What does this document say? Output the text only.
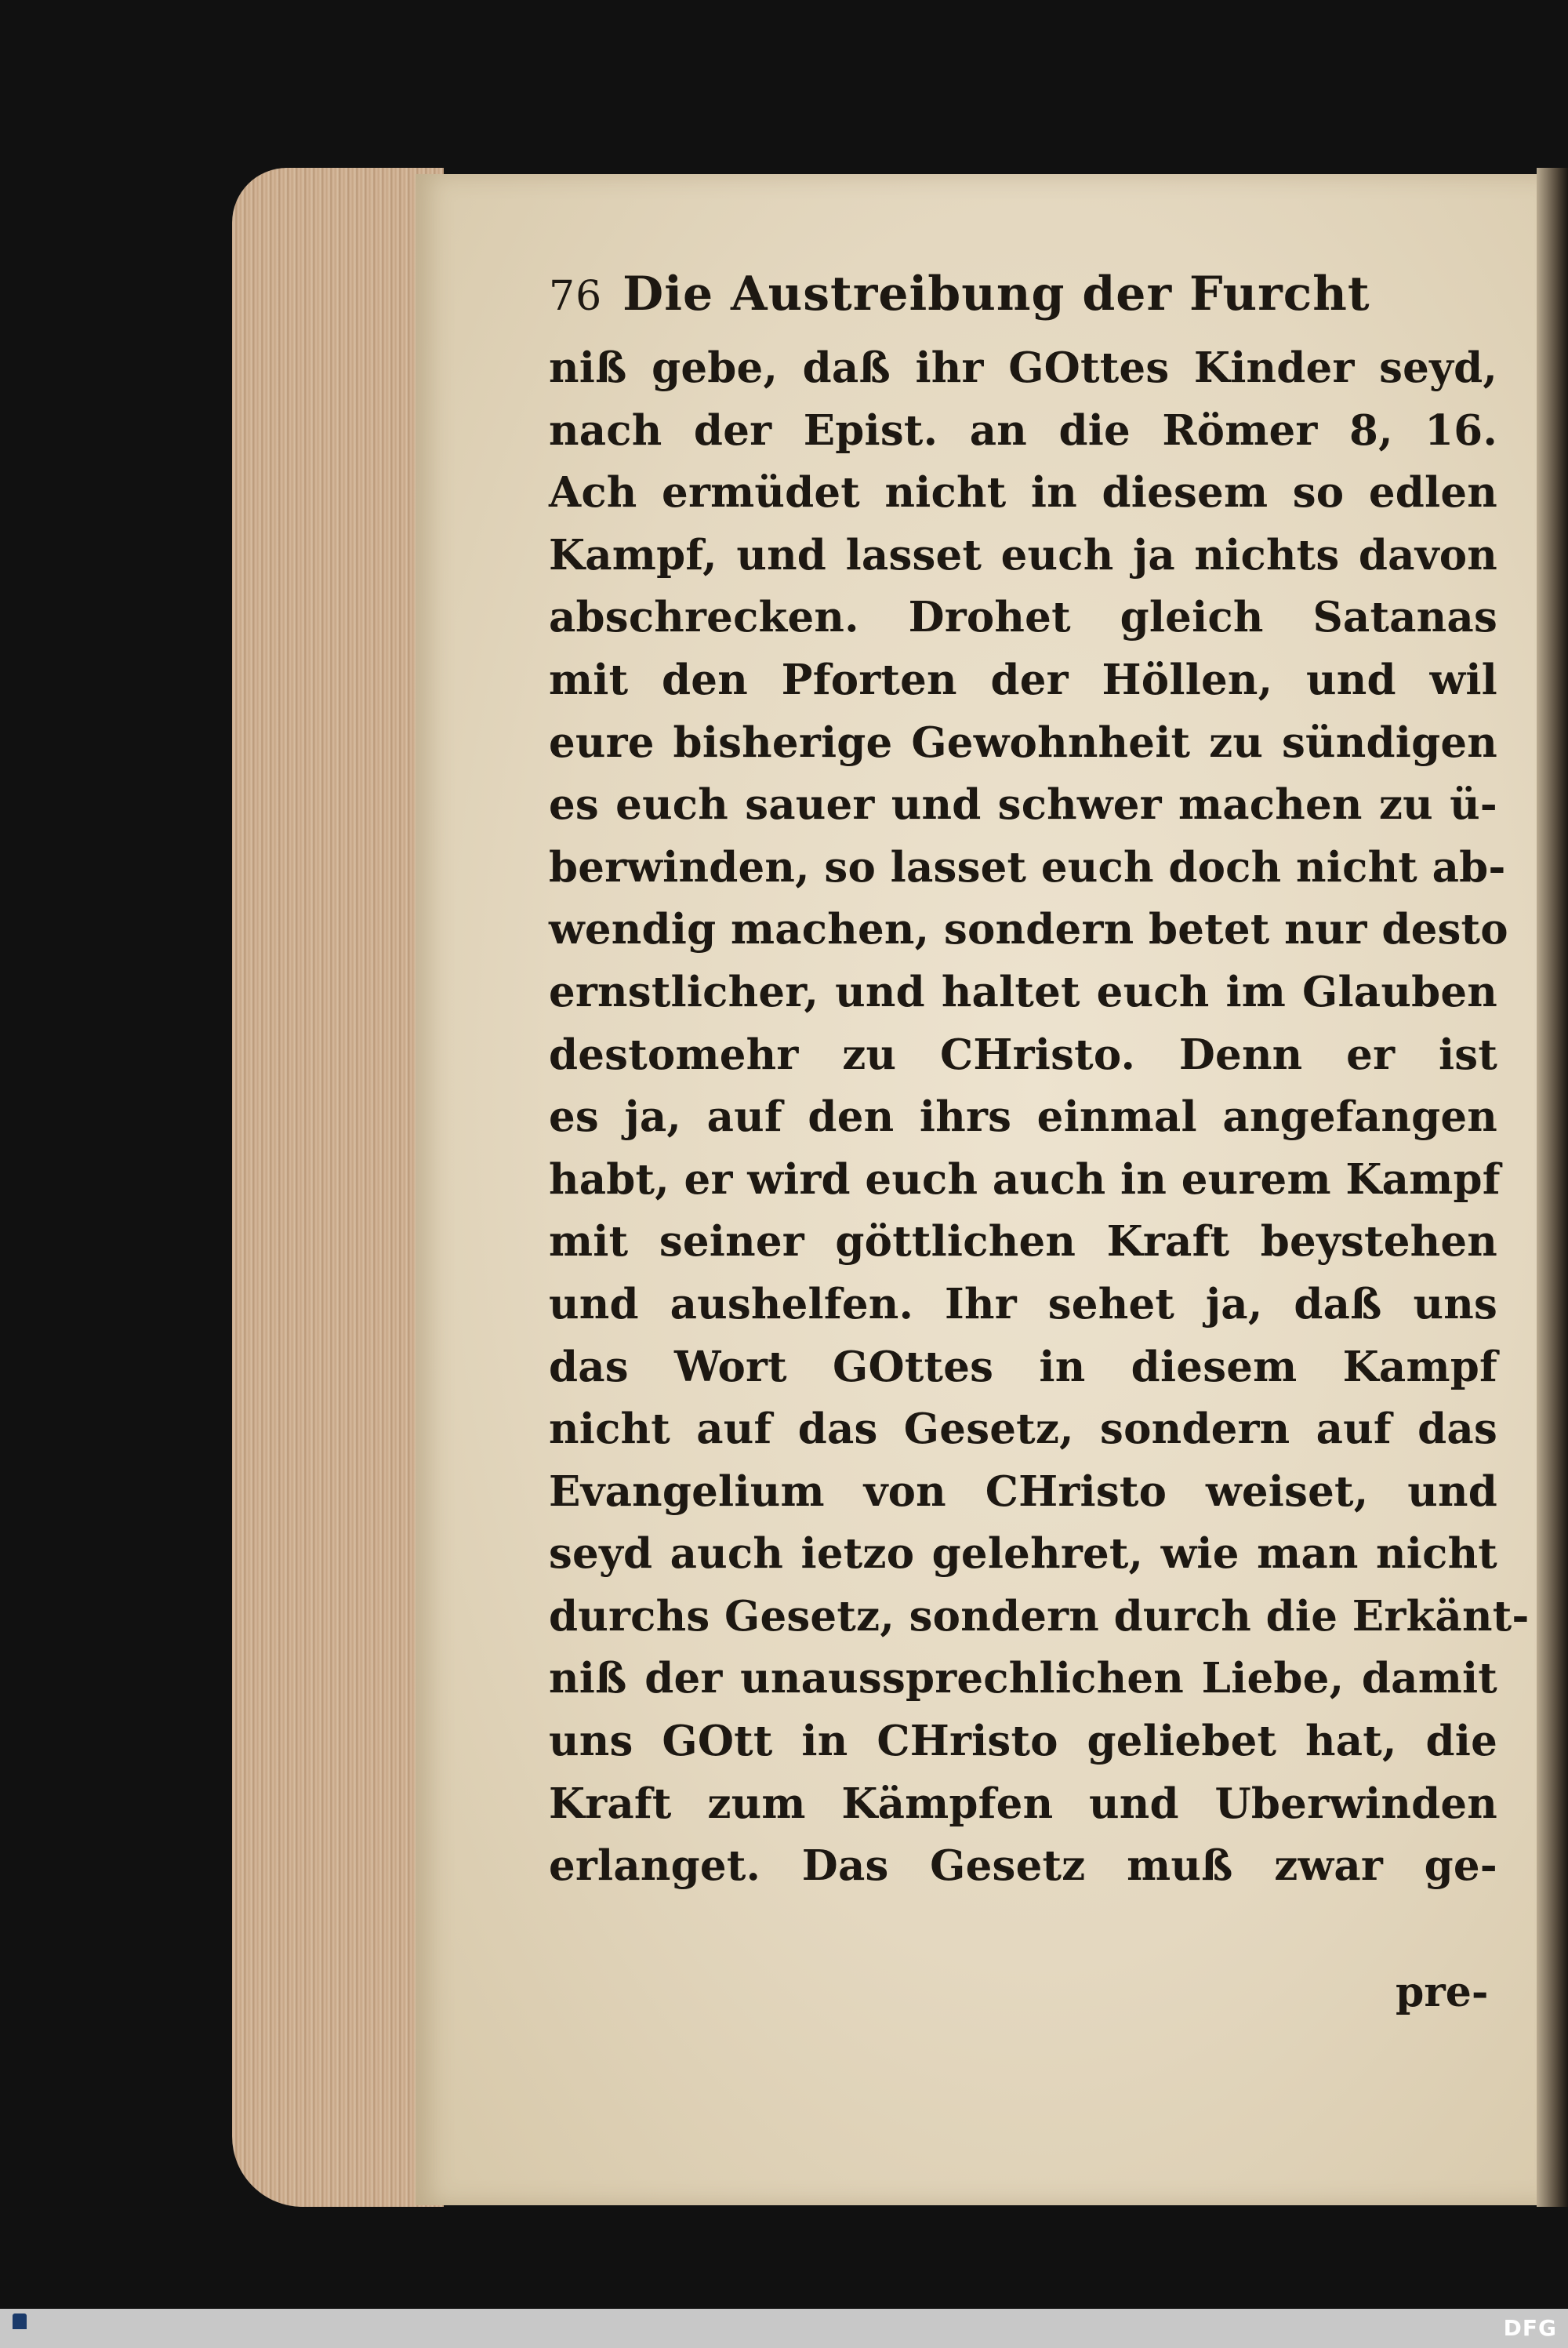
76 Die Austreibung der Furcht
niß gebe, daß ihr GOttes Kinder seyd,
nach der Epist. an die Römer 8, 16.
Ach ermüdet nicht in diesem so edlen
Kampf, und lasset euch ja nichts davon
abschrecken. Drohet gleich Satanas
mit den Pforten der Höllen, und wil
eure bisherige Gewohnheit zu sündigen
es euch sauer und schwer machen zu ü-
berwinden, so lasset euch doch nicht ab-
wendig machen, sondern betet nur desto
ernstlicher, und haltet euch im Glauben
destomehr zu CHristo. Denn er ist
es ja, auf den ihrs einmal angefangen
habt, er wird euch auch in eurem Kampf
mit seiner göttlichen Kraft beystehen
und aushelfen. Ihr sehet ja, daß uns
das Wort GOttes in diesem Kampf
nicht auf das Gesetz, sondern auf das
Evangelium von CHristo weiset, und
seyd auch ietzo gelehret, wie man nicht
durchs Gesetz, sondern durch die Erkänt-
niß der unaussprechlichen Liebe, damit
uns GOtt in CHristo geliebet hat, die
Kraft zum Kämpfen und Uberwinden
erlanget. Das Gesetz muß zwar ge-
pre-
DFG
